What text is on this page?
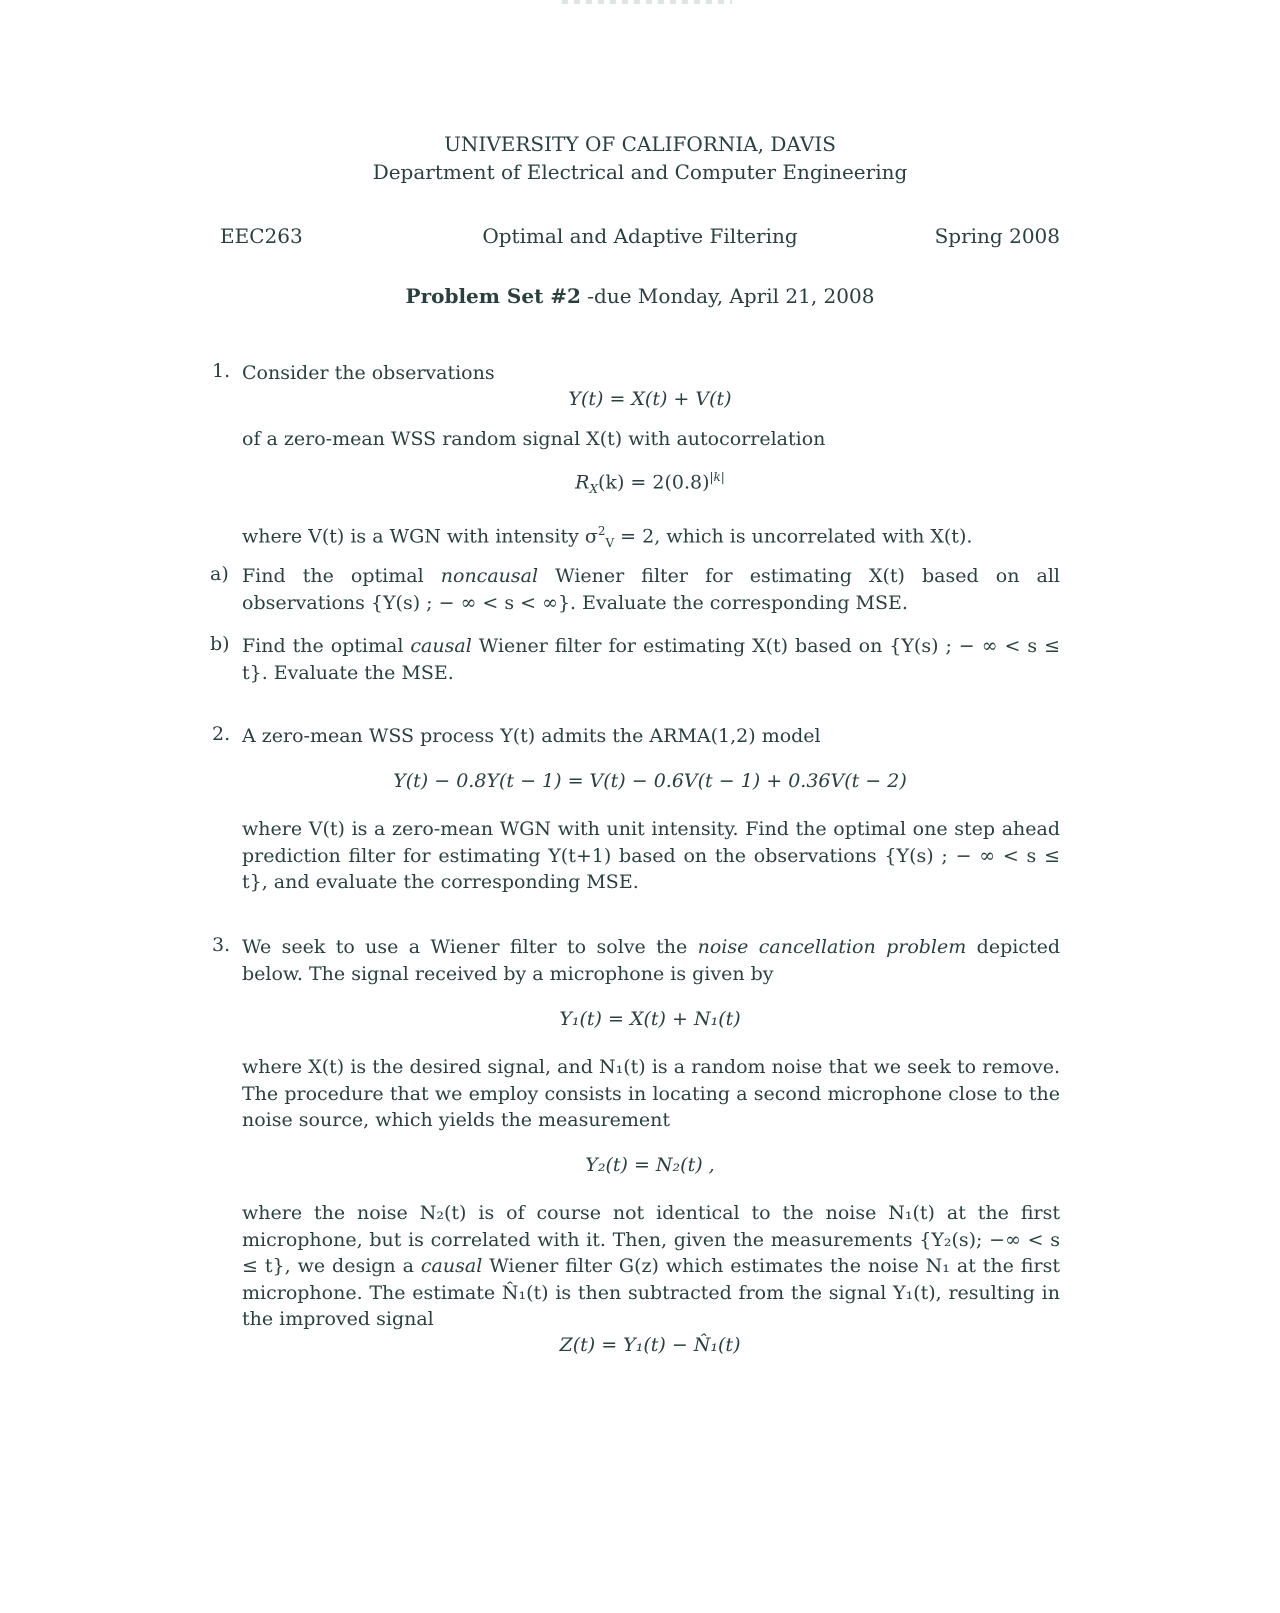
UNIVERSITY OF CALIFORNIA, DAVIS
Department of Electrical and Computer Engineering
EEC263	Optimal and Adaptive Filtering	Spring 2008
Problem Set #2 -due Monday, April 21, 2008
1. Consider the observations
Y(t) = X(t) + V(t)
of a zero-mean WSS random signal X(t) with autocorrelation
$R_X(k) = 2(0.8)^{|k|}$
where V(t) is a WGN with intensity $\sigma^2_V = 2$, which is uncorrelated with X(t).
a) Find the optimal noncausal Wiener filter for estimating X(t) based on all observations {Y(s) ; − ∞ < s < ∞}. Evaluate the corresponding MSE.
b) Find the optimal causal Wiener filter for estimating X(t) based on {Y(s) ; − ∞ < s ≤ t}. Evaluate the MSE.
2. A zero-mean WSS process Y(t) admits the ARMA(1,2) model
Y(t) − 0.8Y(t − 1) = V(t) − 0.6V(t − 1) + 0.36V(t − 2)
where V(t) is a zero-mean WGN with unit intensity. Find the optimal one step ahead prediction filter for estimating Y(t+1) based on the observations {Y(s) ; − ∞ < s ≤ t}, and evaluate the corresponding MSE.
3. We seek to use a Wiener filter to solve the noise cancellation problem depicted below. The signal received by a microphone is given by
Y₁(t) = X(t) + N₁(t)
where X(t) is the desired signal, and N₁(t) is a random noise that we seek to remove. The procedure that we employ consists in locating a second microphone close to the noise source, which yields the measurement
Y₂(t) = N₂(t) ,
where the noise N₂(t) is of course not identical to the noise N₁(t) at the first microphone, but is correlated with it. Then, given the measurements {Y₂(s); −∞ < s ≤ t}, we design a causal Wiener filter G(z) which estimates the noise N₁ at the first microphone. The estimate N̂₁(t) is then subtracted from the signal Y₁(t), resulting in the improved signal
Z(t) = Y₁(t) − N̂₁(t)
